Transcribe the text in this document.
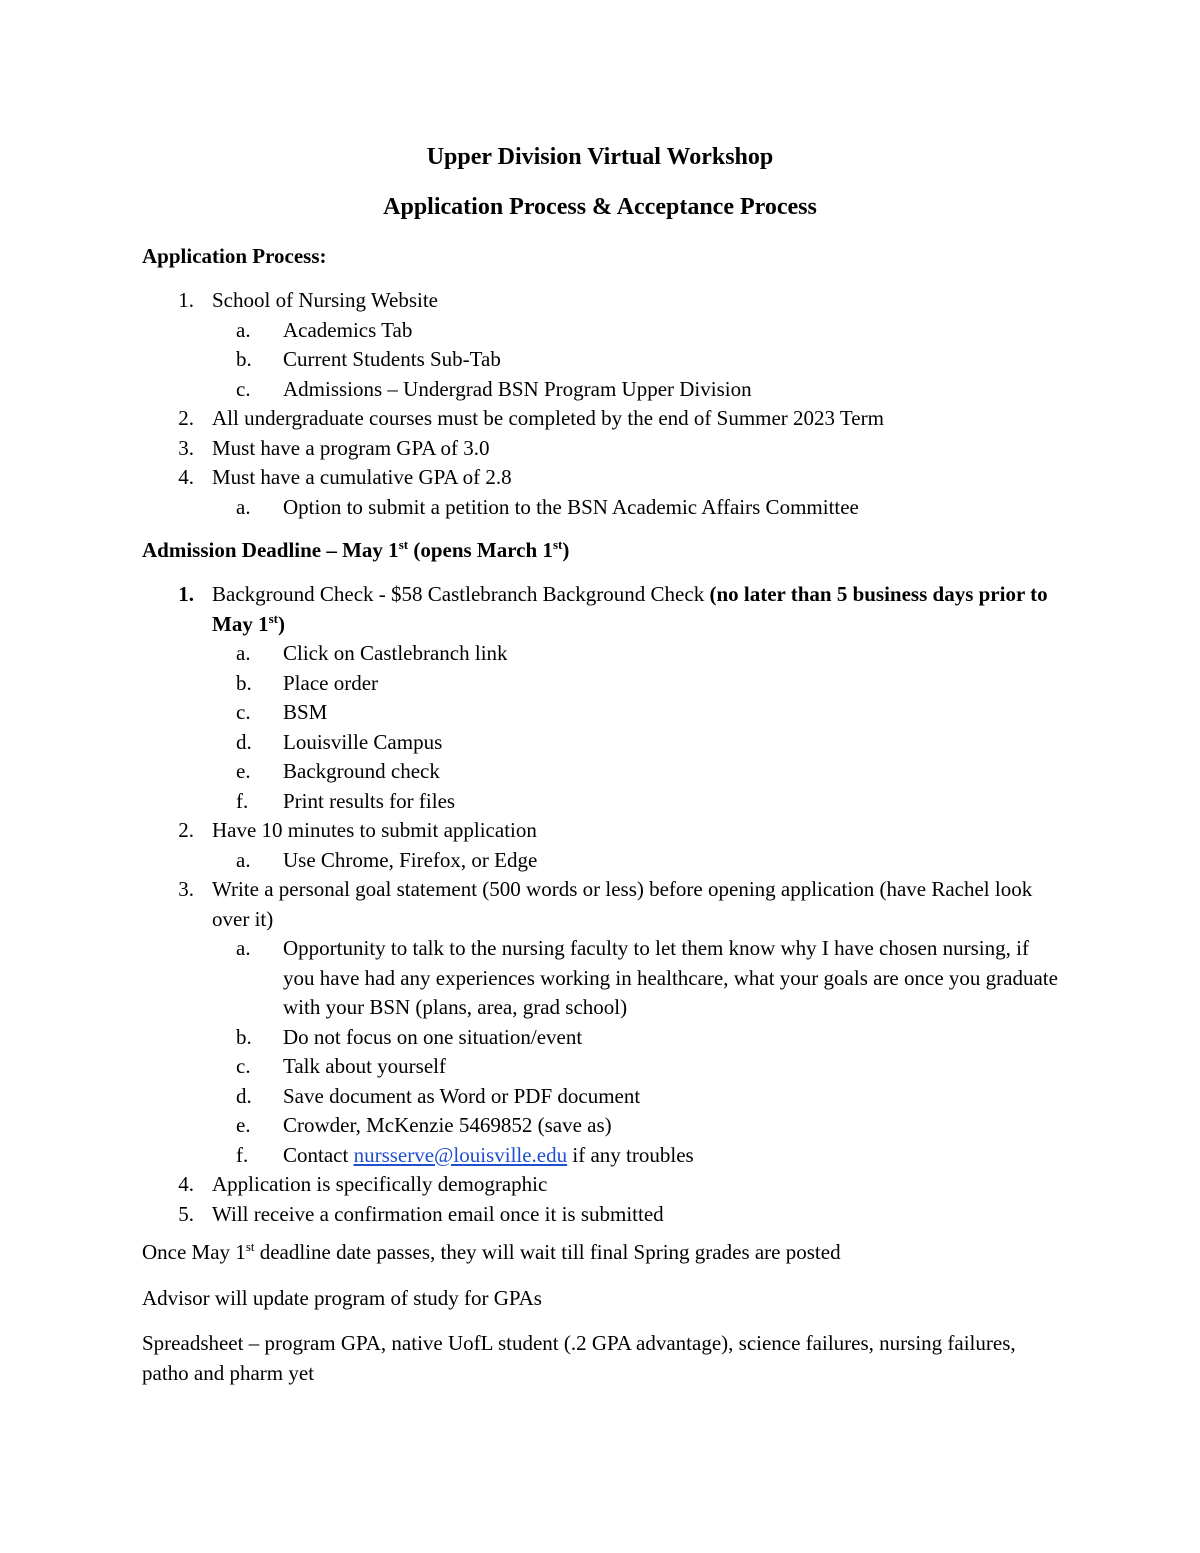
Upper Division Virtual Workshop
Application Process & Acceptance Process
Application Process:
1. School of Nursing Website
a.	Academics Tab
b.	Current Students Sub-Tab
c.	Admissions – Undergrad BSN Program Upper Division
2. All undergraduate courses must be completed by the end of Summer 2023 Term
3. Must have a program GPA of 3.0
4. Must have a cumulative GPA of 2.8
a.	Option to submit a petition to the BSN Academic Affairs Committee
Admission Deadline – May 1st (opens March 1st)
1. Background Check - $58 Castlebranch Background Check (no later than 5 business days prior to May 1st)
a.	Click on Castlebranch link
b.	Place order
c.	BSM
d.	Louisville Campus
e.	Background check
f.	Print results for files
2. Have 10 minutes to submit application
a.	Use Chrome, Firefox, or Edge
3. Write a personal goal statement (500 words or less) before opening application (have Rachel look over it)
a.	Opportunity to talk to the nursing faculty to let them know why I have chosen nursing, if you have had any experiences working in healthcare, what your goals are once you graduate with your BSN (plans, area, grad school)
b.	Do not focus on one situation/event
c.	Talk about yourself
d.	Save document as Word or PDF document
e.	Crowder, McKenzie 5469852 (save as)
f.	Contact nursserve@louisville.edu if any troubles
4. Application is specifically demographic
5. Will receive a confirmation email once it is submitted
Once May 1st deadline date passes, they will wait till final Spring grades are posted
Advisor will update program of study for GPAs
Spreadsheet – program GPA, native UofL student (.2 GPA advantage), science failures, nursing failures, patho and pharm yet
